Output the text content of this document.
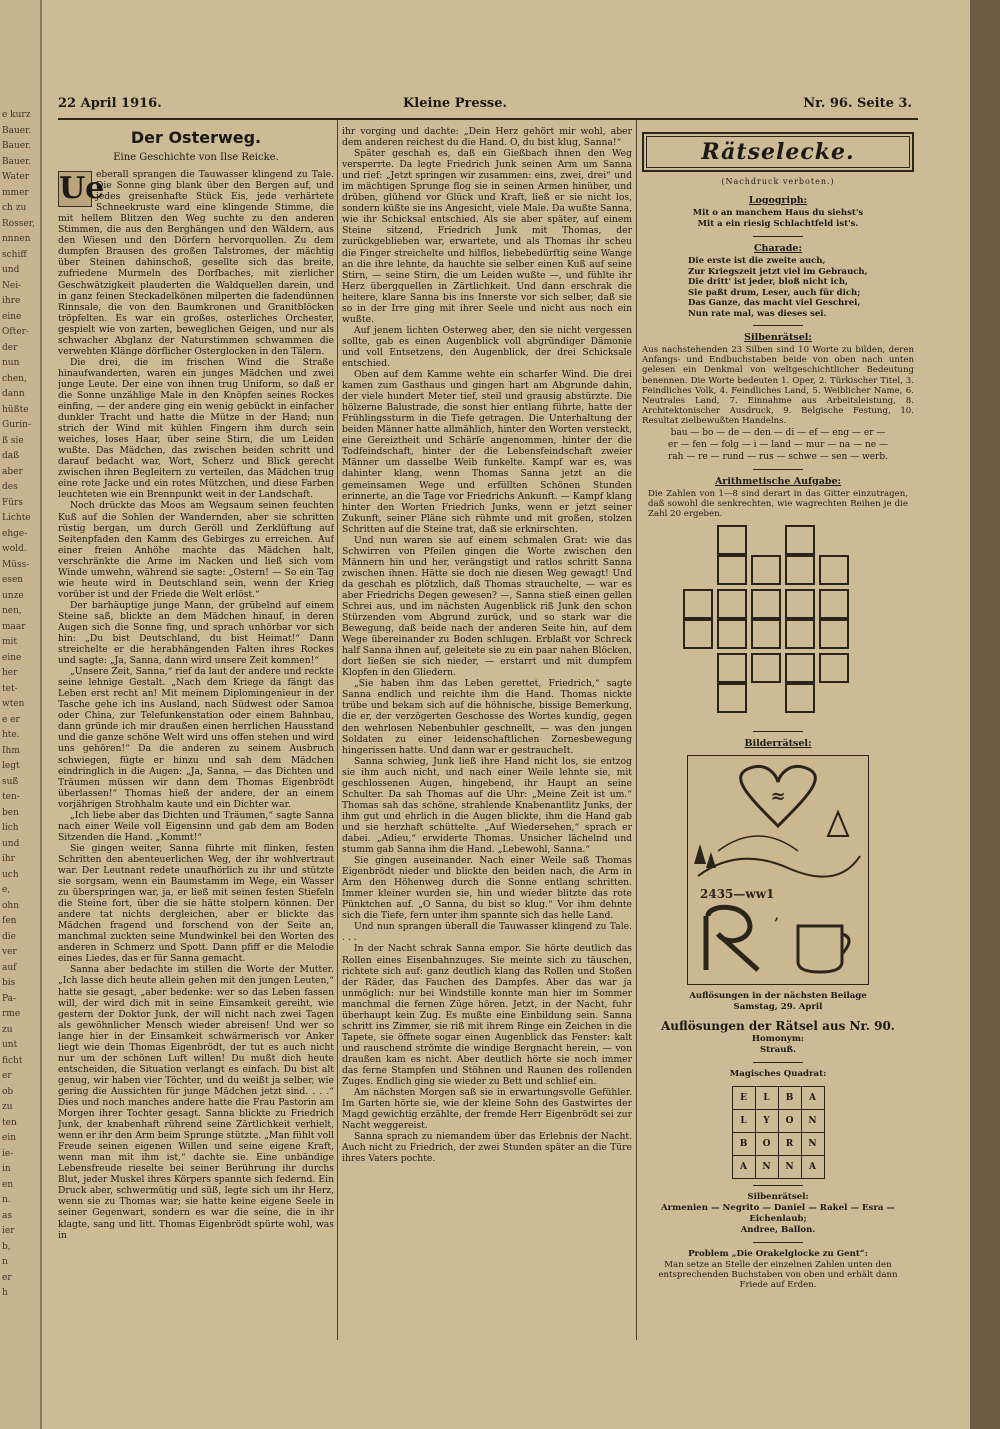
e kurz
Bauer.
Bauer.
Bauer.
Water
mmer
ch zu
Rosser,
nnnen
schiff
und
Nei-
ihre
eine
Ofter-
der
nun
chen,
dann
hüßte
Gurin-
ß sie
daß
aber
des
Fürs
Lichte
ehge-
wold.
Müss-
esen
unze
nen,
maar
mit
eine
her
tet-
wten
e er
hte.
Ihm
legt
suß
ten-
ben
lich
und
ihr
uch
e,
ohn
fen
die
ver
auf
bis
Pa-
rme
zu
unt
ficht
er
ob
zu
ten
ein
ie-
in
en
n.
as
ier
b,
n
er
h
22 April 1916.	Kleine Presse.	Nr. 96. Seite 3.
Der Osterweg.
Eine Geschichte von Ilse Reicke.
Ue

eberall sprangen die Tauwasser klingend zu Tale. Die Sonne ging blank über den Bergen auf, und jedes greisenhafte Stück Eis, jede verhärtete Schneekruste ward eine klingende Stimme, die mit hellem Blitzen den Weg suchte zu den anderen Stimmen, die aus den Berghängen und den Wäldern, aus den Wiesen und den Dörfern hervorquollen. Zu dem dumpfen Brausen des großen Talstromes, der mächtig über Steinen dahinschoß, gesellte sich das breite, zufriedene Murmeln des Dorfbaches, mit zierlicher Geschwätzigkeit plauderten die Waldquellen darein, und in ganz feinen Steckadelkönen milperten die fadendünnen Rinnsale, die von den Baumkronen und Granitblöcken tröpfelten. Es war ein großes, osterliches Orchester, gespielt wie von zarten, beweglichen Geigen, und nur als schwacher Abglanz der Naturstimmen schwammen die verwehten Klänge dörflicher Osterglocken in den Tälern.

Die drei, die im frischen Wind die Straße hinaufwanderten, waren ein junges Mädchen und zwei junge Leute. Der eine von ihnen trug Uniform, so daß er die Sonne unzählige Male in den Knöpfen seines Rockes einfing, — der andere ging ein wenig gebückt in einfacher dunkler Tracht und hatte die Mütze in der Hand; nun strich der Wind mit kühlen Fingern ihm durch sein weiches, loses Haar, über seine Stirn, die um Leiden wußte. Das Mädchen, das zwischen beiden schritt und darauf bedacht war, Wort, Scherz und Blick gerecht zwischen ihren Begleitern zu verteilen, das Mädchen trug eine rote Jacke und ein rotes Mützchen, und diese Farben leuchteten wie ein Brennpunkt weit in der Landschaft.

Noch drückte das Moos am Wegsaum seinen feuchten Kuß auf die Sohlen der Wandernden, aber sie schritten rüstig bergan, um durch Geröll und Zerklüftung auf Seitenpfaden den Kamm des Gebirges zu erreichen. Auf einer freien Anhöhe machte das Mädchen halt, verschränkte die Arme im Nacken und ließ sich vom Winde umwehn, während sie sagte: „Ostern! — So ein Tag wie heute wird in Deutschland sein, wenn der Krieg vorüber ist und der Friede die Welt erlöst.“

Der barhäuptige junge Mann, der grübelnd auf einem Steine saß, blickte an dem Mädchen hinauf, in deren Augen sich die Sonne fing, und sprach unhörbar vor sich hin: „Du bist Deutschland, du bist Heimat!“ Dann streichelte er die herabhängenden Falten ihres Rockes und sagte: „Ja, Sanna, dann wird unsere Zeit kommen!“

„Unsere Zeit, Sanna,“ rief da laut der andere und reckte seine lehnige Gestalt. „Nach dem Kriege da fängt das Leben erst recht an! Mit meinem Diplomingenieur in der Tasche gehe ich ins Ausland, nach Südwest oder Samoa oder China, zur Telefunkenstation oder einem Bahnbau, dann gründe ich mir draußen einen herrlichen Hausstand und die ganze schöne Welt wird uns offen stehen und wird uns gehören!“ Da die anderen zu seinem Ausbruch schwiegen, fügte er hinzu und sah dem Mädchen eindringlich in die Augen: „Ja, Sanna, — das Dichten und Träumen müssen wir dann dem Thomas Eigenbrödt überlassen!“ Thomas hieß der andere, der an einem vorjährigen Strohhalm kaute und ein Dichter war.

„Ich liebe aber das Dichten und Träumen,“ sagte Sanna nach einer Weile voll Eigensinn und gab dem am Boden Sitzenden die Hand. „Kommt!“

Sie gingen weiter, Sanna führte mit flinken, festen Schritten den abenteuerlichen Weg, der ihr wohlvertraut war. Der Leutnant redete unaufhörlich zu ihr und stützte sie sorgsam, wenn ein Baumstamm im Wege, ein Wasser zu überspringen war, ja, er ließ mit seinen festen Stiefeln die Steine fort, über die sie hätte stolpern können. Der andere tat nichts dergleichen, aber er blickte das Mädchen fragend und forschend von der Seite an, manchmal zuckten seine Mundwinkel bei den Worten des anderen in Schmerz und Spott. Dann pfiff er die Melodie eines Liedes, das er für Sanna gemacht.

Sanna aber bedachte im stillen die Worte der Mutter. „Ich lasse dich heute allein gehen mit den jungen Leuten,“ hatte sie gesagt, „aber bedenke: wer so das Leben fassen will, der wird dich mit in seine Einsamkeit gereiht, wie gestern der Doktor Junk, der will nicht nach zwei Tagen als gewöhnlicher Mensch wieder abreisen! Und wer so lange hier in der Einsamkeit schwärmerisch vor Anker liegt wie dein Thomas Eigenbrödt, der tut es auch nicht nur um der schönen Luft willen! Du mußt dich heute entscheiden, die Situation verlangt es einfach. Du bist alt genug, wir haben vier Töchter, und du weißt ja selber, wie gering die Aussichten für junge Mädchen jetzt sind. . . .“ Dies und noch manches andere hatte die Frau Pastorin am Morgen ihrer Tochter gesagt. Sanna blickte zu Friedrich Junk, der knabenhaft rührend seine Zärtlichkeit verhielt, wenn er ihr den Arm beim Sprunge stützte. „Man fühlt voll Freude seinen eigenen Willen und seine eigene Kraft, wenn man mit ihm ist,“ dachte sie. Eine unbändige Lebensfreude rieselte bei seiner Berührung ihr durchs Blut, jeder Muskel ihres Körpers spannte sich federnd. Ein Druck aber, schwermütig und süß, legte sich um ihr Herz, wenn sie zu Thomas war; sie hatte keine eigene Seele in seiner Gegenwart, sondern es war die seine, die in ihr klagte, sang und litt. Thomas Eigenbrödt spürte wohl, was in

ihr vorging und dachte: „Dein Herz gehört mir wohl, aber dem anderen reichest du die Hand. O, du bist klug, Sanna!“

Später geschah es, daß ein Gießbach ihnen den Weg versperrte. Da legte Friedrich Junk seinen Arm um Sanna und rief: „Jetzt springen wir zusammen: eins, zwei, drei“ und im mächtigen Sprunge flog sie in seinen Armen hinüber, und drüben, glühend vor Glück und Kraft, ließ er sie nicht los, sondern küßte sie ins Angesicht, viele Male. Da wußte Sanna, wie ihr Schicksal entschied. Als sie aber später, auf einem Steine sitzend, Friedrich Junk mit Thomas, der zurückgeblieben war, erwartete, und als Thomas ihr scheu die Finger streichelte und hilflos, liebebedürftig seine Wange an die ihre lehnte, da hauchte sie selber einen Kuß auf seine Stirn, — seine Stirn, die um Leiden wußte —, und fühlte ihr Herz übergquellen in Zärtlichkeit. Und dann erschrak die heitere, klare Sanna bis ins Innerste vor sich selber, daß sie so in der Irre ging mit ihrer Seele und nicht aus noch ein wußte.

Auf jenem lichten Osterweg aber, den sie nicht vergessen sollte, gab es einen Augenblick voll abgründiger Dämonie und voll Entsetzens, den Augenblick, der drei Schicksale entschied.

Oben auf dem Kamme wehte ein scharfer Wind. Die drei kamen zum Gasthaus und gingen hart am Abgrunde dahin, der viele hundert Meter tief, steil und grausig abstürzte. Die hölzerne Balustrade, die sonst hier entlang führte, hatte der Frühlingssturm in die Tiefe getragen. Die Unterhaltung der beiden Männer hatte allmählich, hinter den Worten versteckt, eine Gereiztheit und Schärfe angenommen, hinter der die Todfeindschaft, hinter der die Lebensfeindschaft zweier Männer um dasselbe Weib funkelte. Kampf war es, was dahinter klang, wenn Thomas Sanna jetzt an die gemeinsamen Wege und erfüllten Schönen Stunden erinnerte, an die Tage vor Friedrichs Ankunft. — Kampf klang hinter den Worten Friedrich Junks, wenn er jetzt seiner Zukunft, seiner Pläne sich rühmte und mit großen, stolzen Schritten auf die Steine trat, daß sie erknirschten.

Und nun waren sie auf einem schmalen Grat: wie das Schwirren von Pfeilen gingen die Worte zwischen den Männern hin und her, verängstigt und ratlos schritt Sanna zwischen ihnen. Hätte sie doch nie diesen Weg gewagt! Und da geschah es plötzlich, daß Thomas strauchelte, — war es aber Friedrichs Degen gewesen? —, Sanna stieß einen gellen Schrei aus, und im nächsten Augenblick riß Junk den schon Stürzenden vom Abgrund zurück, und so stark war die Bewegung, daß beide nach der anderen Seite hin, auf dem Wege übereinander zu Boden schlugen. Erblaßt vor Schreck half Sanna ihnen auf, geleitete sie zu ein paar nahen Blöcken, dort ließen sie sich nieder, — erstarrt und mit dumpfem Klopfen in den Gliedern.

„Sie haben ihm das Leben gerettet, Friedrich,“ sagte Sanna endlich und reichte ihm die Hand. Thomas nickte trübe und bekam sich auf die höhnische, bissige Bemerkung, die er, der verzögerten Geschosse des Wortes kundig, gegen den wehrlosen Nebenbuhler geschnellt, — was den jungen Soldaten zu einer leidenschaftlichen Zornesbewegung hingerissen hatte. Und dann war er gestraucheIt.

Sanna schwieg, Junk ließ ihre Hand nicht los, sie entzog sie ihm auch nicht, und nach einer Weile lehnte sie, mit geschlossenen Augen, hingebend, ihr Haupt an seine Schulter. Da sah Thomas auf die Uhr: „Meine Zeit ist um.“ Thomas sah das schöne, strahlende Knabenantlitz Junks, der ihm gut und ehrlich in die Augen blickte, ihm die Hand gab und sie herzhaft schüttelte. „Auf Wiedersehen,“ sprach er dabei. „Adieu,“ erwiderte Thomas. Unsicher lächelnd und stumm gab Sanna ihm die Hand. „Lebewohl, Sanna.“

Sie gingen auseinander. Nach einer Weile saß Thomas Eigenbrödt nieder und blickte den beiden nach, die Arm in Arm den Höhenweg durch die Sonne entlang schritten. Immer kleiner wurden sie, hin und wieder blitzte das rote Pünktchen auf. „O Sanna, du bist so klug.“ Vor ihm dehnte sich die Tiefe, fern unter ihm spannte sich das helle Land.

Und nun sprangen überall die Tauwasser klingend zu Tale. . . .

In der Nacht schrak Sanna empor. Sie hörte deutlich das Rollen eines Eisenbahnzuges. Sie meinte sich zu täuschen, richtete sich auf: ganz deutlich klang das Rollen und Stoßen der Räder, das Fauchen des Dampfes. Aber das war ja unmöglich: nur bei Windstille konnte man hier im Sommer manchmal die fernen Züge hören. Jetzt, in der Nacht, fuhr überhaupt kein Zug. Es mußte eine Einbildung sein. Sanna schritt ins Zimmer, sie riß mit ihrem Ringe ein Zeichen in die Tapete, sie öffnete sogar einen Augenblick das Fenster: kalt und rauschend strömte die windige Bergnacht herein, — von draußen kam es nicht. Aber deutlich hörte sie noch immer das ferne Stampfen und Stöhnen und Raunen des rollenden Zuges. Endlich ging sie wieder zu Bett und schlief ein.

Am nächsten Morgen saß sie in erwartungsvolle Gefühler. Im Garten hörte sie, wie der kleine Sohn des Gastwirtes der Magd gewichtig erzählte, der fremde Herr Eigenbrödt sei zur Nacht weggereist.

Sanna sprach zu niemandem über das Erlebnis der Nacht. Auch nicht zu Friedrich, der zwei Stunden später an die Türe ihres Vaters pochte.

Rätselecke.
(Nachdruck verboten.)
Logogriph:
Mit o an manchem Haus du siehst's
Mit a ein riesig Schlachtfeld ist's.
Charade:
Die erste ist die zweite auch,
Zur Kriegszeit jetzt viel im Gebrauch,
Die dritt' ist jeder, bloß nicht ich,
Sie paßt drum, Leser, auch für dich;
Das Ganze, das macht viel Geschrei,
Nun rate mal, was dieses sei.
Silbenrätsel:
Aus nachstehenden 23 Silben sind 10 Worte zu bilden, deren Anfangs- und Endbuchstaben beide von oben nach unten gelesen ein Denkmal von weltgeschichtlicher Bedeutung benennen. Die Worte bedeuten 1. Oper, 2. Türkischer Titel, 3. Feindliches Volk, 4. Feindliches Land, 5. Weiblicher Name, 6. Neutrales Land, 7. Einnahme aus Arbeitsleistung, 8. Architektonischer Ausdruck, 9. Belgische Festung, 10. Resultat zielbewußten Handelns.
bau — bo — de — den — di — ef — eng — er —
er — fen — folg — i — land — mur — na — ne —
rah — re — rund — rus — schwe — sen — werb.
Arithmetische Aufgabe:
Die Zahlen von 1—8 sind derart in das Gitter einzutragen, daß sowohl die senkrechten, wie wagrechten Reihen je die Zahl 20 ergeben.
Bilderrätsel:
≈
2435—ww1
’
Auflösungen in der nächsten Beilage
Samstag, 29. April
Auflösungen der Rätsel aus Nr. 90.
Homonym:
Strauß.
Magisches Quadrat:
E	L	B	A
L	Y	O	N
B	O	R	N
A	N	N	A
Silbenrätsel:
Armenien — Negrito — Daniel — Rakel — Esra —
Eichenlaub;
Andree, Ballon.
Problem „Die Orakelglocke zu Gent“:
Man setze an Stelle der einzelnen Zahlen unten den entsprechenden Buchstaben von oben und erhält dann Friede auf Erden.
